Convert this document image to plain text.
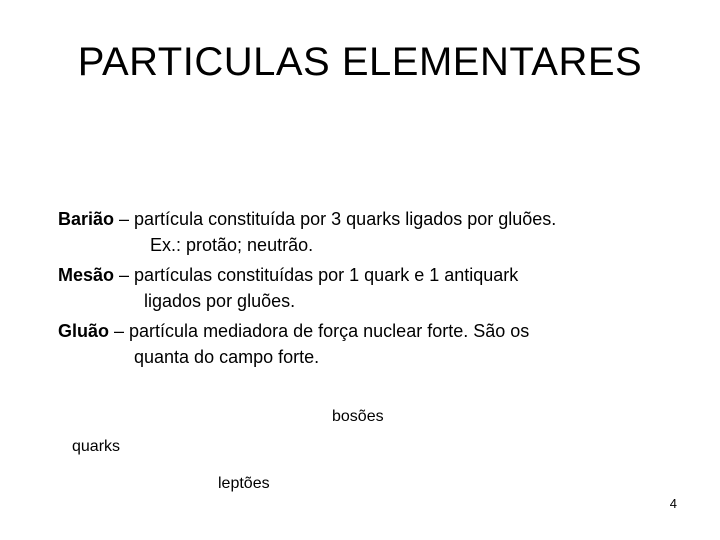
PARTICULAS ELEMENTARES
Barião – partícula constituída por 3 quarks ligados por gluões.
Ex.: protão; neutrão.
Mesão – partículas constituídas por 1 quark e 1 antiquark
ligados por gluões.
Gluão – partícula mediadora de força nuclear forte. São os
quanta do campo forte.
bosões
quarks
leptões
4
